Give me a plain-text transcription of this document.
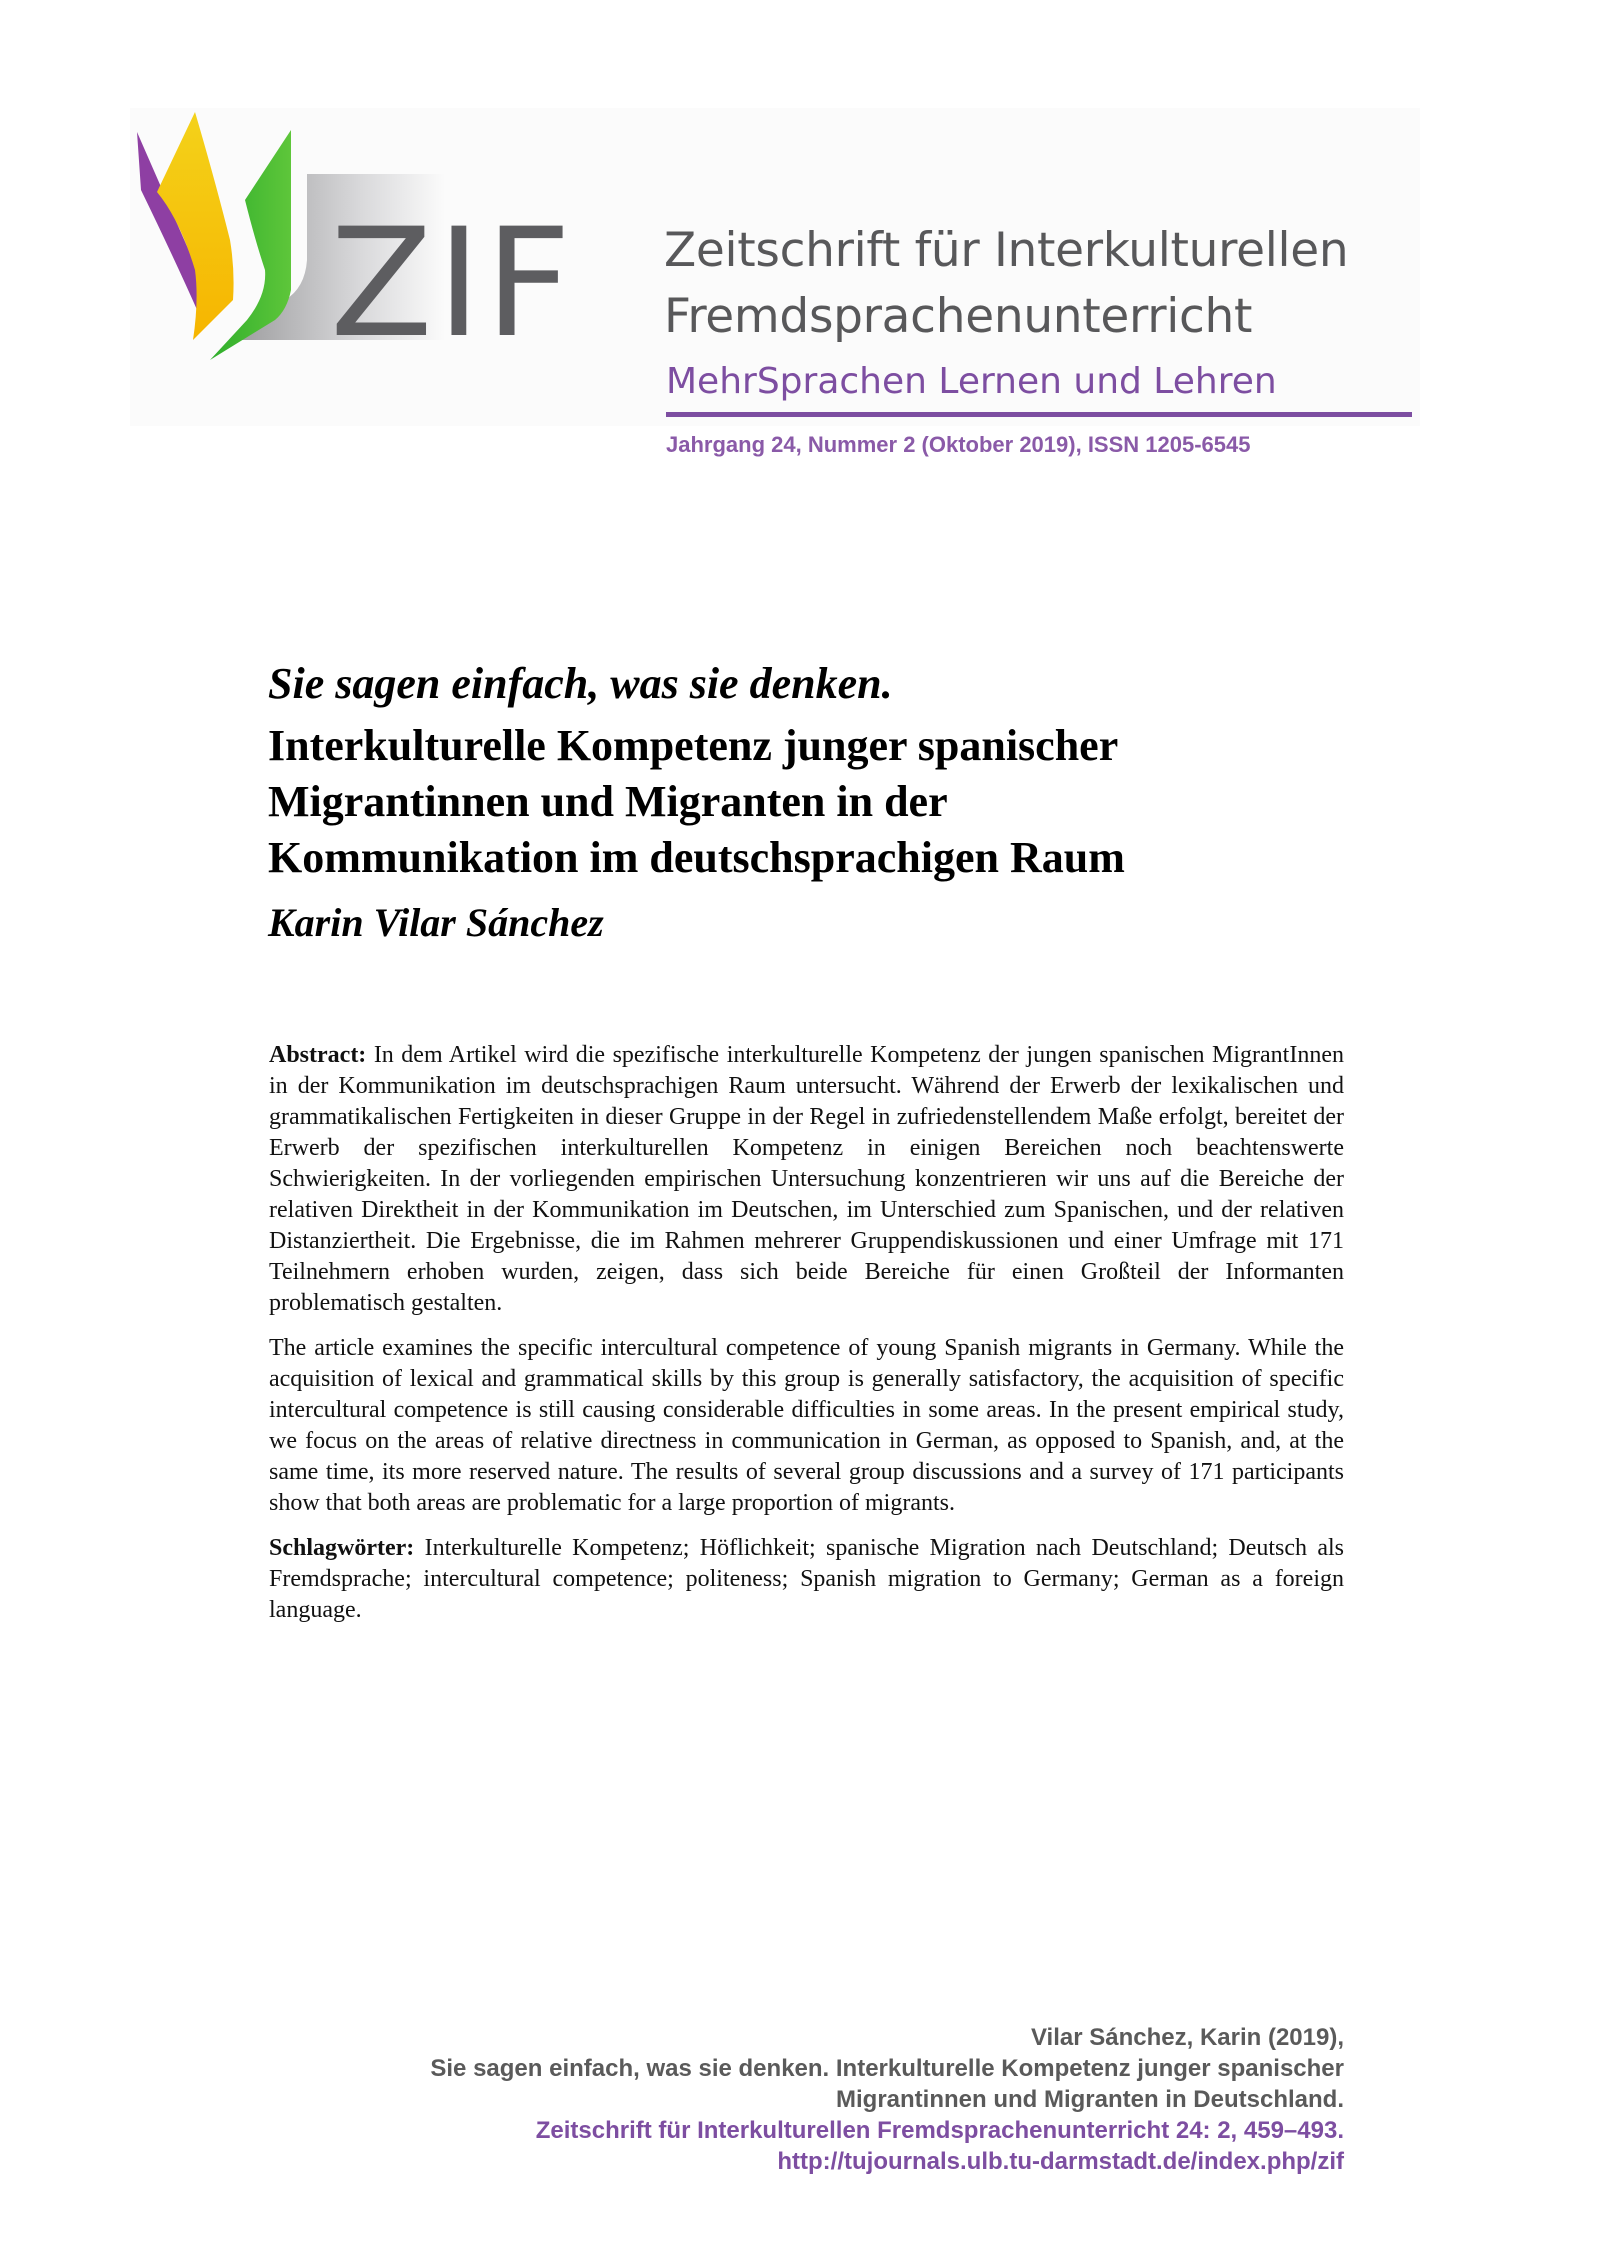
ZIF Zeitschrift für Interkulturellen
Fremdsprachenunterricht
MehrSprachen Lernen und Lehren
Jahrgang 24, Nummer 2 (Oktober 2019), ISSN 1205-6545
Sie sagen einfach, was sie denken.
Interkulturelle Kompetenz junger spanischer
Migrantinnen und Migranten in der
Kommunikation im deutschsprachigen Raum
Karin Vilar Sánchez

Abstract: In dem Artikel wird die spezifische interkulturelle Kompetenz der jungen spanischen MigrantInnen in der Kommunikation im deutschsprachigen Raum untersucht. Während der Erwerb der lexikalischen und grammatikalischen Fertigkeiten in dieser Gruppe in der Regel in zufriedenstellendem Maße erfolgt, bereitet der Erwerb der spezifischen interkulturellen Kompetenz in einigen Bereichen noch beachtenswerte Schwierigkeiten. In der vorliegenden empirischen Untersuchung konzentrieren wir uns auf die Bereiche der relativen Direktheit in der Kommunikation im Deutschen, im Unterschied zum Spanischen, und der relativen Distanziertheit. Die Ergebnisse, die im Rahmen mehrerer Gruppendiskussionen und einer Umfrage mit 171 Teilnehmern erhoben wurden, zeigen, dass sich beide Bereiche für einen Großteil der Informanten problematisch gestalten.

The article examines the specific intercultural competence of young Spanish migrants in Germany. While the acquisition of lexical and grammatical skills by this group is generally satisfactory, the acquisition of specific intercultural competence is still causing considerable difficulties in some areas. In the present empirical study, we focus on the areas of relative directness in communication in German, as opposed to Spanish, and, at the same time, its more reserved nature. The results of several group discussions and a survey of 171 participants show that both areas are problematic for a large proportion of migrants.

Schlagwörter: Interkulturelle Kompetenz; Höflichkeit; spanische Migration nach Deutschland; Deutsch als Fremdsprache; intercultural competence; politeness; Spanish migration to Germany; German as a foreign language.

Vilar Sánchez, Karin (2019),
Sie sagen einfach, was sie denken. Interkulturelle Kompetenz junger spanischer
Migrantinnen und Migranten in Deutschland.
Zeitschrift für Interkulturellen Fremdsprachenunterricht 24: 2, 459–493.
http://tujournals.ulb.tu-darmstadt.de/index.php/zif
